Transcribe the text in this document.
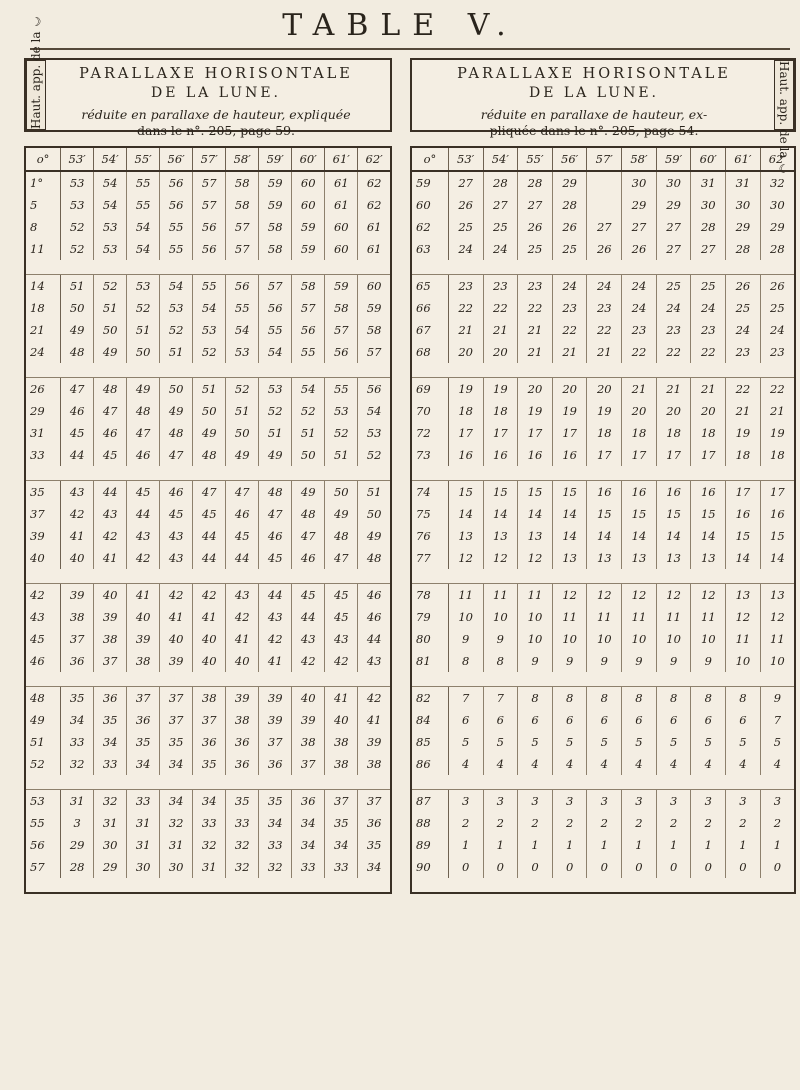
TABLE V.
Haut. app. de la ☾
PARALLAXE HORISONTALE
DE LA LUNE.
réduite en parallaxe de hauteur, expliquée
dans le n°. 205, page 59.
o°	53′	54′	55′	56′	57′	58′	59′	60′	61′	62′
1°	53	54	55	56	57	58	59	60	61	62
5	53	54	55	56	57	58	59	60	61	62
8	52	53	54	55	56	57	58	59	60	61
11	52	53	54	55	56	57	58	59	60	61

14	51	52	53	54	55	56	57	58	59	60
18	50	51	52	53	54	55	56	57	58	59
21	49	50	51	52	53	54	55	56	57	58
24	48	49	50	51	52	53	54	55	56	57

26	47	48	49	50	51	52	53	54	55	56
29	46	47	48	49	50	51	52	52	53	54
31	45	46	47	48	49	50	51	51	52	53
33	44	45	46	47	48	49	49	50	51	52

35	43	44	45	46	47	47	48	49	50	51
37	42	43	44	45	45	46	47	48	49	50
39	41	42	43	43	44	45	46	47	48	49
40	40	41	42	43	44	44	45	46	47	48

42	39	40	41	42	42	43	44	45	45	46
43	38	39	40	41	41	42	43	44	45	46
45	37	38	39	40	40	41	42	43	43	44
46	36	37	38	39	40	40	41	42	42	43

48	35	36	37	37	38	39	39	40	41	42
49	34	35	36	37	37	38	39	39	40	41
51	33	34	35	35	36	36	37	38	38	39
52	32	33	34	34	35	36	36	37	38	38

53	31	32	33	34	34	35	35	36	37	37
55	3	31	31	32	33	33	34	34	35	36
56	29	30	31	31	32	32	33	34	34	35
57	28	29	30	30	31	32	32	33	33	34

Haut. app. de la ☾
PARALLAXE HORISONTALE
DE LA LUNE.
réduite en parallaxe de hauteur, ex-
pliquée dans le n°. 205, page 54.
o°	53′	54′	55′	56′	57′	58′	59′	60′	61′	62′
59	27	28	28	29		30	30	31	31	32
60	26	27	27	28		29	29	30	30	30
62	25	25	26	26	27	27	27	28	29	29
63	24	24	25	25	26	26	27	27	28	28

65	23	23	23	24	24	24	25	25	26	26
66	22	22	22	23	23	24	24	24	25	25
67	21	21	21	22	22	23	23	23	24	24
68	20	20	21	21	21	22	22	22	23	23

69	19	19	20	20	20	21	21	21	22	22
70	18	18	19	19	19	20	20	20	21	21
72	17	17	17	17	18	18	18	18	19	19
73	16	16	16	16	17	17	17	17	18	18

74	15	15	15	15	16	16	16	16	17	17
75	14	14	14	14	15	15	15	15	16	16
76	13	13	13	14	14	14	14	14	15	15
77	12	12	12	13	13	13	13	13	14	14

78	11	11	11	12	12	12	12	12	13	13
79	10	10	10	11	11	11	11	11	12	12
80	9	9	10	10	10	10	10	10	11	11
81	8	8	9	9	9	9	9	9	10	10

82	7	7	8	8	8	8	8	8	8	9
84	6	6	6	6	6	6	6	6	6	7
85	5	5	5	5	5	5	5	5	5	5
86	4	4	4	4	4	4	4	4	4	4

87	3	3	3	3	3	3	3	3	3	3
88	2	2	2	2	2	2	2	2	2	2
89	1	1	1	1	1	1	1	1	1	1
90	0	0	0	0	0	0	0	0	0	0
